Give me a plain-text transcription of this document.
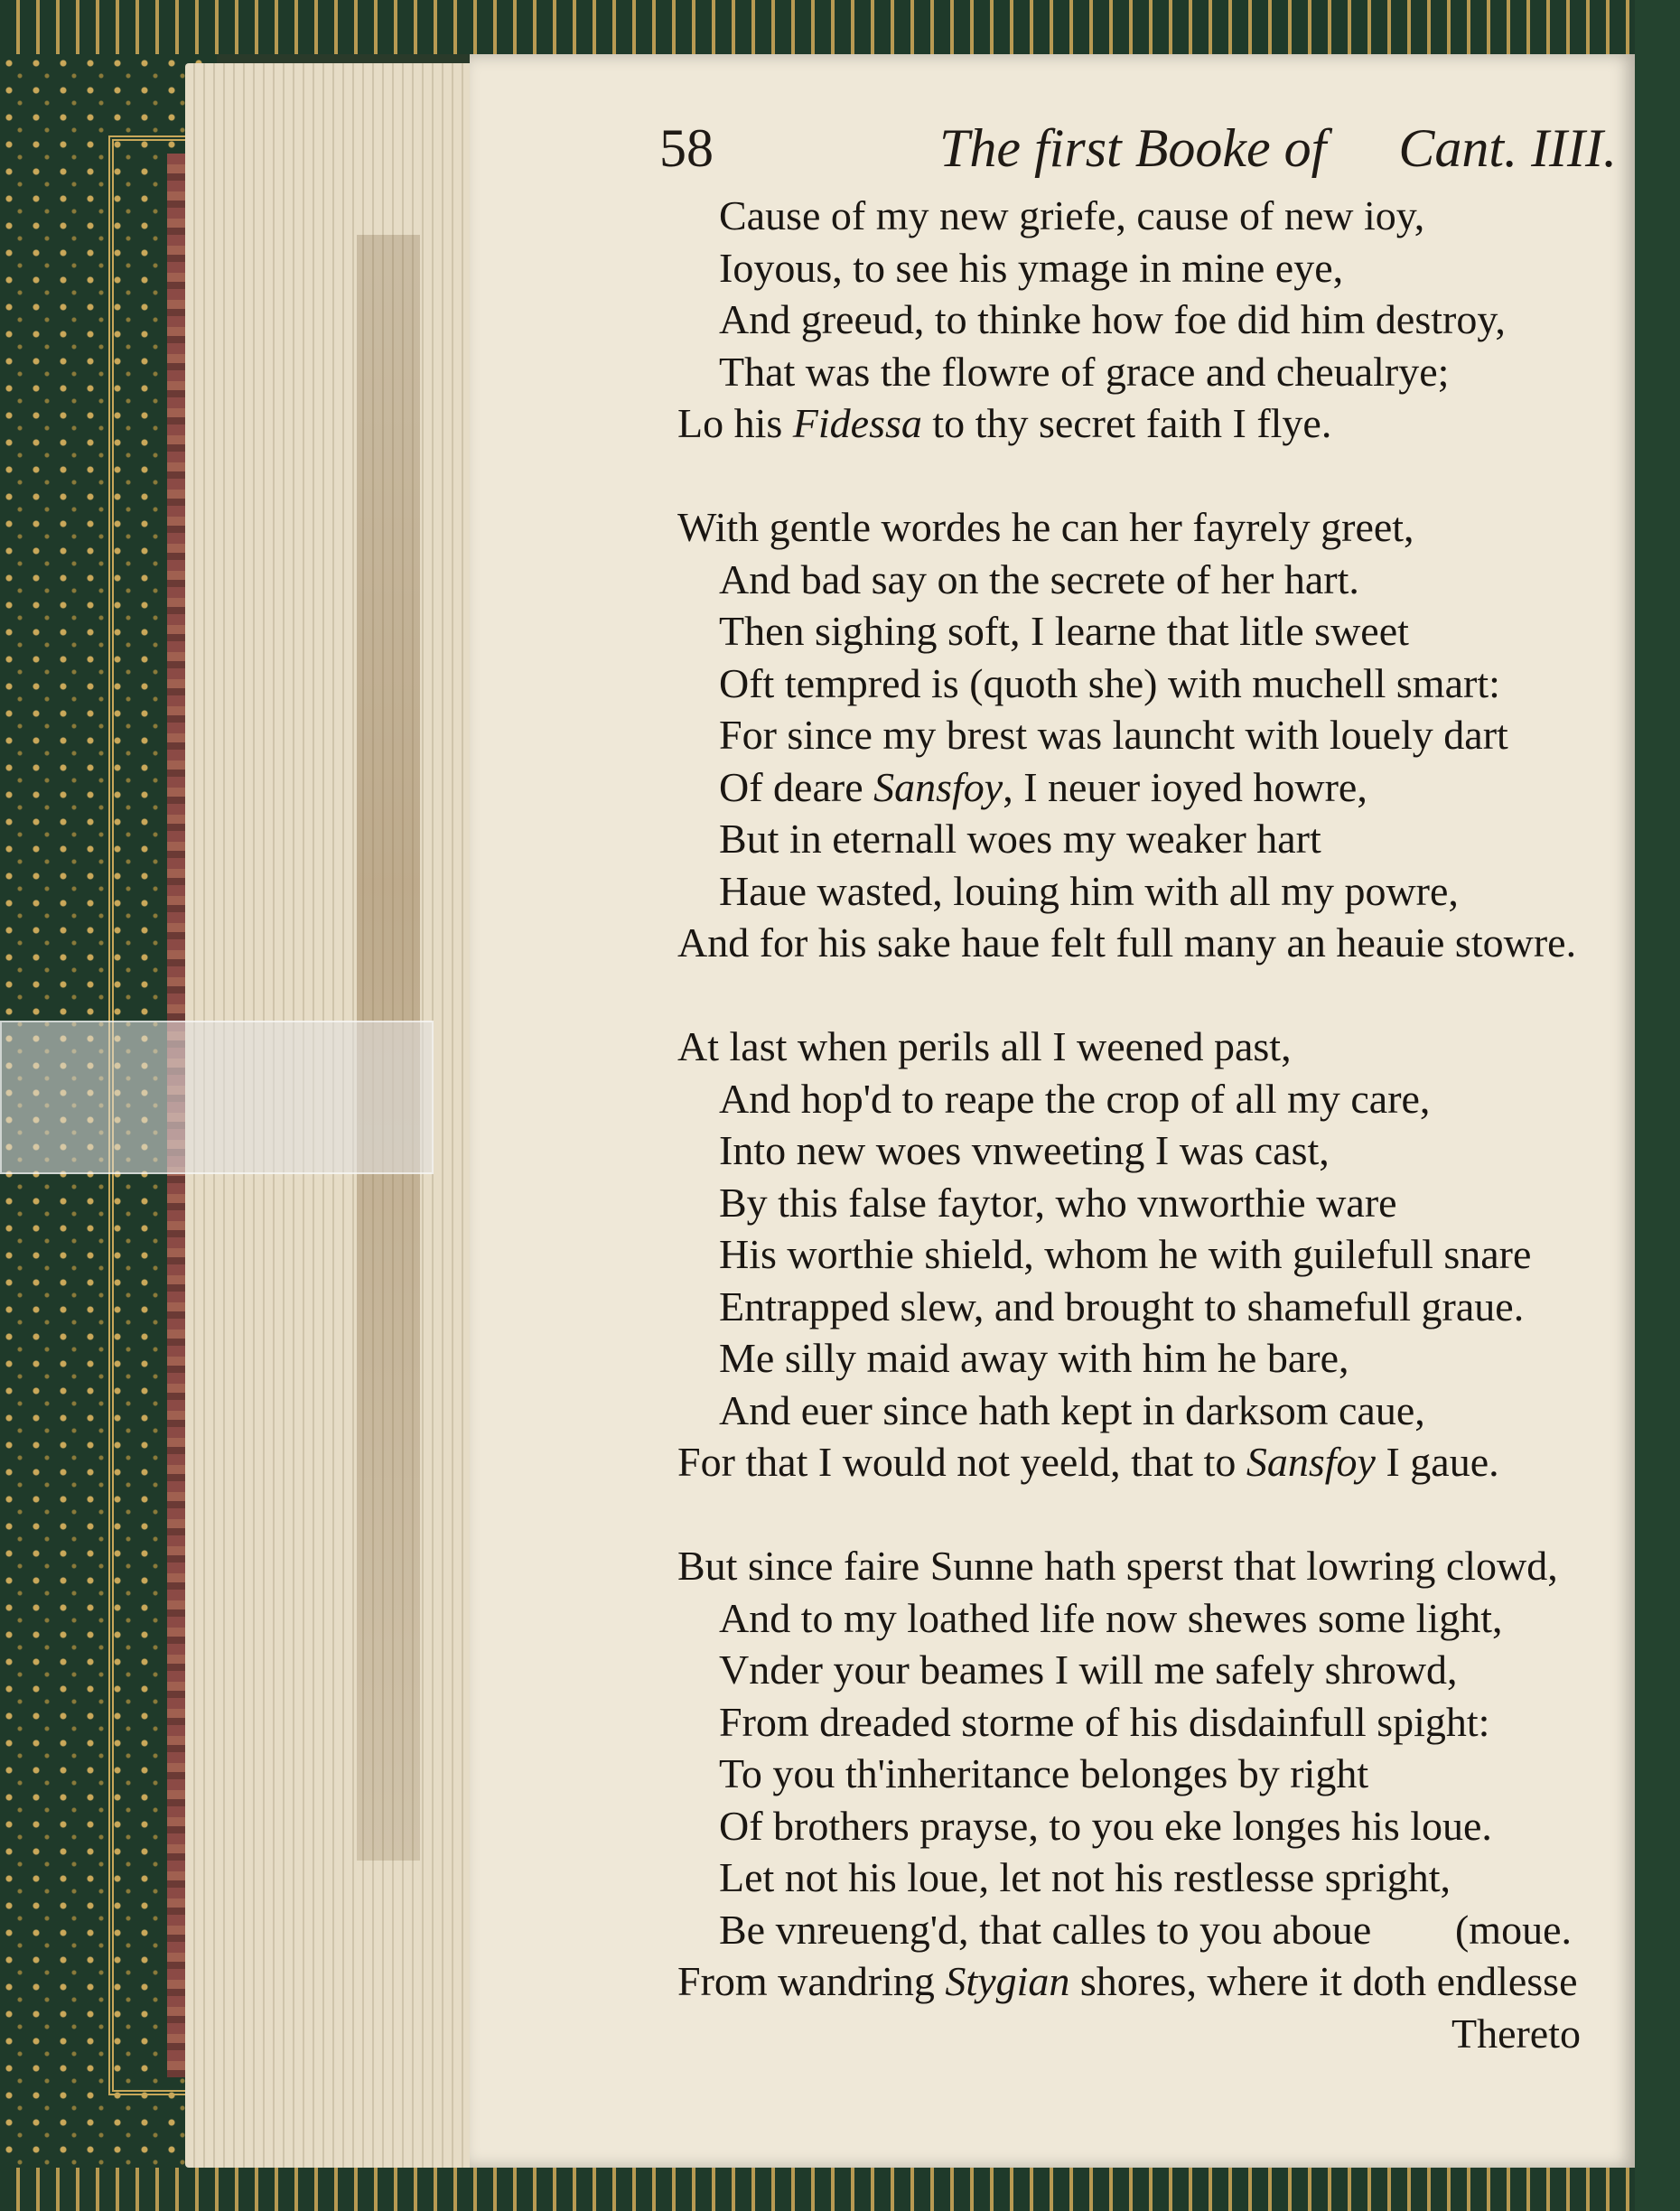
58	The first Booke of Cant. IIII.
Cause of my new griefe, cause of new ioy,
Ioyous, to see his ymage in mine eye,
And greeud, to thinke how foe did him destroy,
That was the flowre of grace and cheualrye;
Lo his Fidessa to thy secret faith I flye.
With gentle wordes he can her fayrely greet,
And bad say on the secrete of her hart.
Then sighing soft, I learne that litle sweet
Oft tempred is (quoth she) with muchell smart:
For since my brest was launcht with louely dart
Of deare Sansfoy, I neuer ioyed howre,
But in eternall woes my weaker hart
Haue wasted, louing him with all my powre,
And for his sake haue felt full many an heauie stowre.
At last when perils all I weened past,
And hop'd to reape the crop of all my care,
Into new woes vnweeting I was cast,
By this false faytor, who vnworthie ware
His worthie shield, whom he with guilefull snare
Entrapped slew, and brought to shamefull graue.
Me silly maid away with him he bare,
And euer since hath kept in darksom caue,
For that I would not yeeld, that to Sansfoy I gaue.
But since faire Sunne hath sperst that lowring clowd,
And to my loathed life now shewes some light,
Vnder your beames I will me safely shrowd,
From dreaded storme of his disdainfull spight:
To you th'inheritance belonges by right
Of brothers prayse, to you eke longes his loue.
Let not his loue, let not his restlesse spright,
Be vnreueng'd, that calles to you aboue (moue.
From wandring Stygian shores, where it doth endlesse
Thereto
